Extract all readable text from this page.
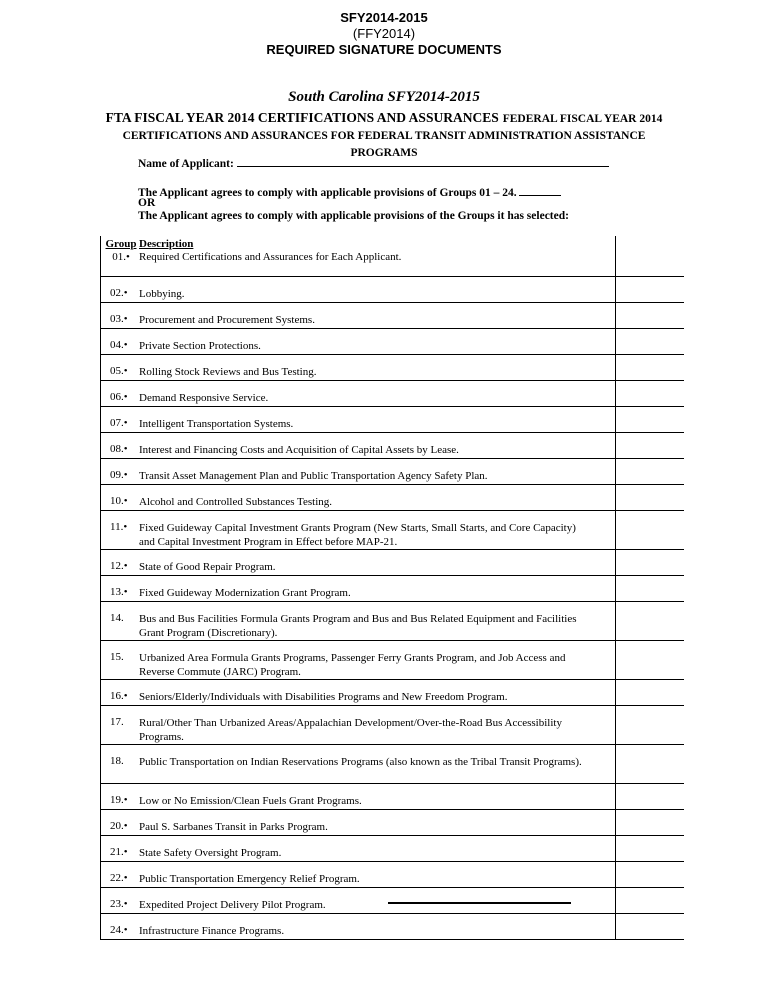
SFY2014-2015
(FFY2014)
REQUIRED SIGNATURE DOCUMENTS
South Carolina SFY2014-2015
FTA FISCAL YEAR 2014 CERTIFICATIONS AND ASSURANCES FEDERAL FISCAL YEAR 2014
CERTIFICATIONS AND ASSURANCES FOR FEDERAL TRANSIT ADMINISTRATION ASSISTANCE
PROGRAMS
Name of Applicant:
The Applicant agrees to comply with applicable provisions of Groups 01 – 24.
OR
The Applicant agrees to comply with applicable provisions of the Groups it has selected:
Group
01.•
Description
Required Certifications and Assurances for Each Applicant.
02.• Lobbying.
03.• Procurement and Procurement Systems.
04.• Private Section Protections.
05.• Rolling Stock Reviews and Bus Testing.
06.• Demand Responsive Service.
07.• Intelligent Transportation Systems.
08.• Interest and Financing Costs and Acquisition of Capital Assets by Lease.
09.• Transit Asset Management Plan and Public Transportation Agency Safety Plan.
10.• Alcohol and Controlled Substances Testing.
11.• Fixed Guideway Capital Investment Grants Program (New Starts, Small Starts, and Core Capacity) and Capital Investment Program in Effect before MAP-21.
12.• State of Good Repair Program.
13.• Fixed Guideway Modernization Grant Program.
14. Bus and Bus Facilities Formula Grants Program and Bus and Bus Related Equipment and Facilities Grant Program (Discretionary).
15. Urbanized Area Formula Grants Programs, Passenger Ferry Grants Program, and Job Access and Reverse Commute (JARC) Program.
16.• Seniors/Elderly/Individuals with Disabilities Programs and New Freedom Program.
17. Rural/Other Than Urbanized Areas/Appalachian Development/Over-the-Road Bus Accessibility Programs.
18. Public Transportation on Indian Reservations Programs (also known as the Tribal Transit Programs).
19.• Low or No Emission/Clean Fuels Grant Programs.
20.• Paul S. Sarbanes Transit in Parks Program.
21.• State Safety Oversight Program.
22.• Public Transportation Emergency Relief Program.
23.• Expedited Project Delivery Pilot Program.
24.• Infrastructure Finance Programs.
